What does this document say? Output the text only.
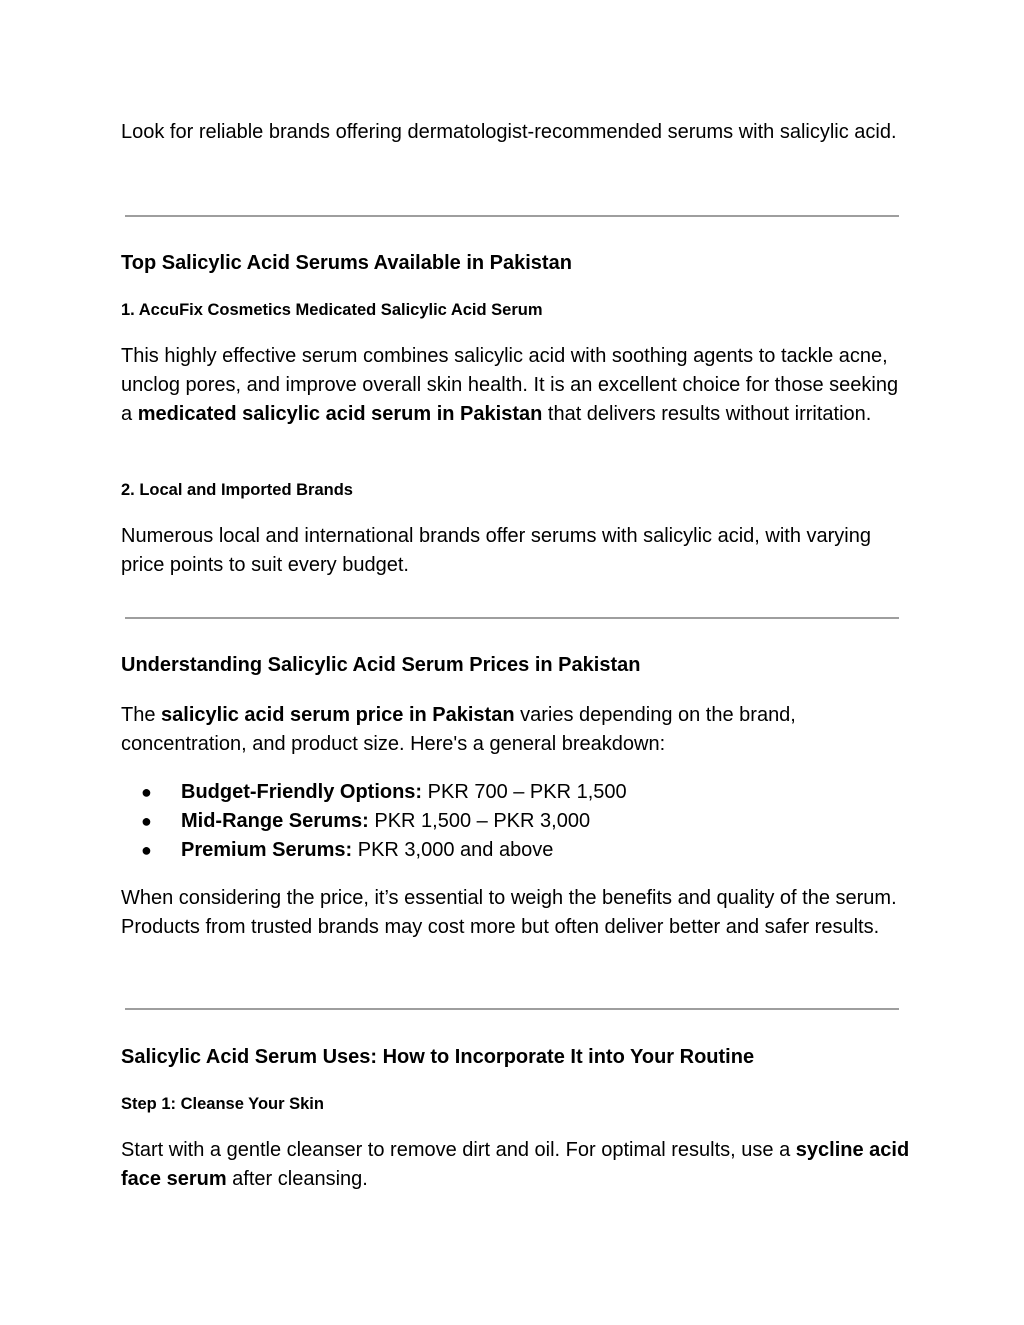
Look for reliable brands offering dermatologist-recommended serums with salicylic acid.

Top Salicylic Acid Serums Available in Pakistan
1. AccuFix Cosmetics Medicated Salicylic Acid Serum

This highly effective serum combines salicylic acid with soothing agents to tackle acne, unclog pores, and improve overall skin health. It is an excellent choice for those seeking a medicated salicylic acid serum in Pakistan that delivers results without irritation.

2. Local and Imported Brands

Numerous local and international brands offer serums with salicylic acid, with varying price points to suit every budget.

Understanding Salicylic Acid Serum Prices in Pakistan

The salicylic acid serum price in Pakistan varies depending on the brand, concentration, and product size. Here's a general breakdown:

● Budget-Friendly Options: PKR 700 – PKR 1,500
● Mid-Range Serums: PKR 1,500 – PKR 3,000
● Premium Serums: PKR 3,000 and above

When considering the price, it’s essential to weigh the benefits and quality of the serum. Products from trusted brands may cost more but often deliver better and safer results.

Salicylic Acid Serum Uses: How to Incorporate It into Your Routine
Step 1: Cleanse Your Skin

Start with a gentle cleanser to remove dirt and oil. For optimal results, use a sycline acid face serum after cleansing.
